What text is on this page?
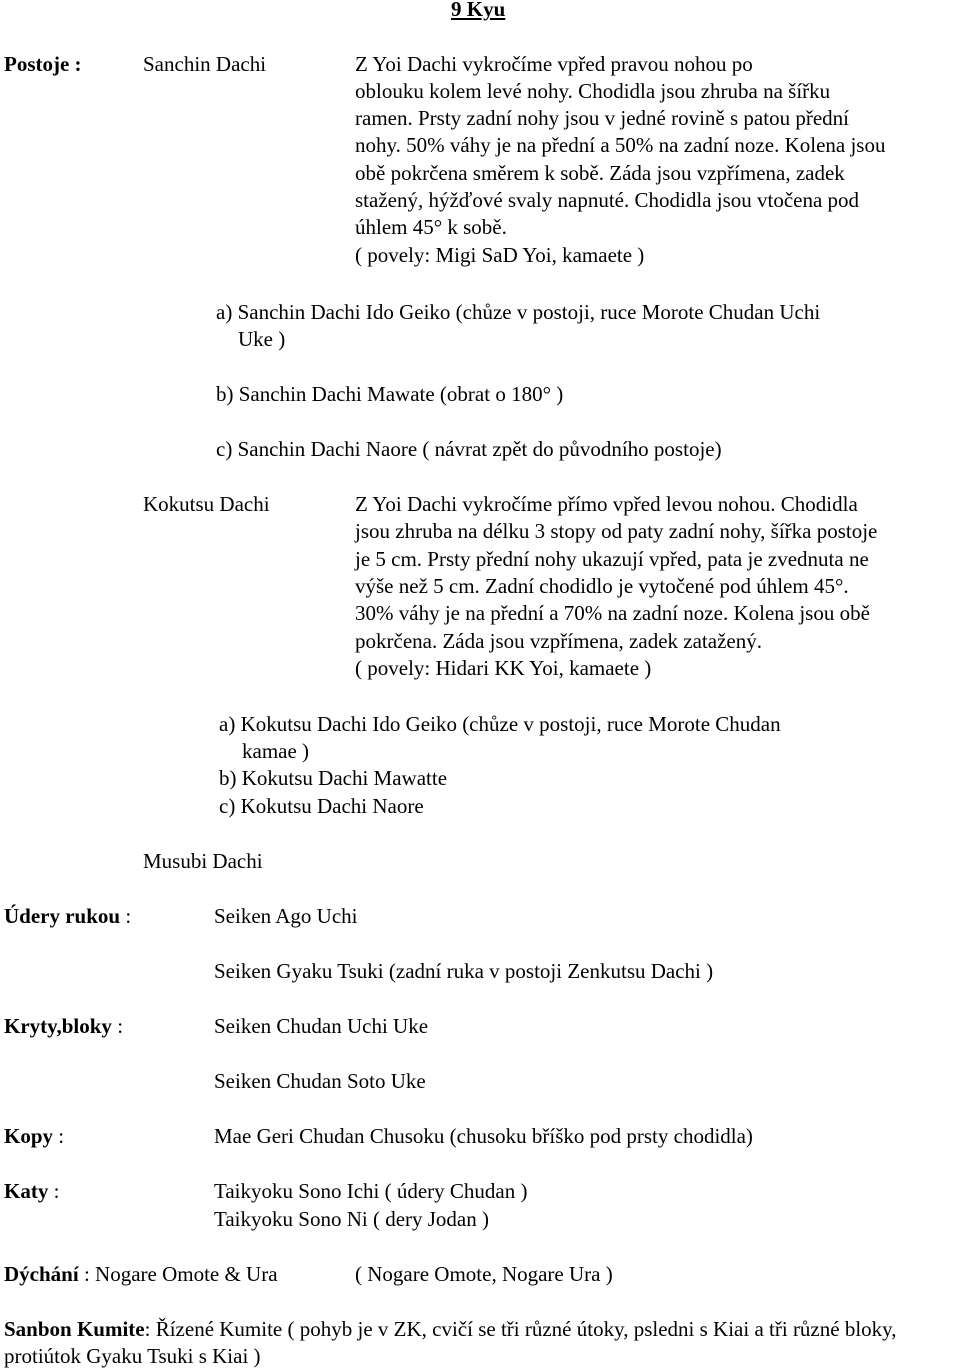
9 Kyu
Postoje :	Sanchin Dachi	Z Yoi Dachi vykročíme vpřed pravou nohou po
oblouku kolem levé nohy. Chodidla jsou zhruba na šířku
ramen. Prsty zadní nohy jsou v jedné rovině s patou přední
nohy. 50% váhy je na přední a 50% na zadní noze. Kolena jsou
obě pokrčena směrem k sobě. Záda jsou vzpřímena, zadek
stažený, hýžďové svaly napnuté. Chodidla jsou vtočena pod
úhlem 45° k sobě.
( povely: Migi SaD Yoi, kamaete )
a) Sanchin Dachi Ido Geiko (chůze v postoji, ruce Morote Chudan Uchi
Uke )
b) Sanchin Dachi Mawate (obrat o 180° )
c) Sanchin Dachi Naore ( návrat zpět do původního postoje)
Kokutsu Dachi	Z Yoi Dachi vykročíme přímo vpřed levou nohou. Chodidla
jsou zhruba na délku 3 stopy od paty zadní nohy, šířka postoje
je 5 cm. Prsty přední nohy ukazují vpřed, pata je zvednuta ne
výše než 5 cm. Zadní chodidlo je vytočené pod úhlem 45°.
30% váhy je na přední a 70% na zadní noze. Kolena jsou obě
pokrčena. Záda jsou vzpřímena, zadek zatažený.
( povely: Hidari KK Yoi, kamaete )
a) Kokutsu Dachi Ido Geiko (chůze v postoji, ruce Morote Chudan
kamae )
b) Kokutsu Dachi Mawatte
c) Kokutsu Dachi Naore
Musubi Dachi
Údery rukou :	Seiken Ago Uchi
Seiken Gyaku Tsuki (zadní ruka v postoji Zenkutsu Dachi )
Kryty,bloky :	Seiken Chudan Uchi Uke
Seiken Chudan Soto Uke
Kopy :	Mae Geri Chudan Chusoku (chusoku bříško pod prsty chodidla)
Katy :	Taikyoku Sono Ichi ( údery Chudan )
Taikyoku Sono Ni ( dery Jodan )
Dýchání : Nogare Omote & Ura	( Nogare Omote, Nogare Ura )
Sanbon Kumite: Řízené Kumite ( pohyb je v ZK, cvičí se tři různé útoky, psledni s Kiai a tři různé bloky, protiútok Gyaku Tsuki s Kiai )
